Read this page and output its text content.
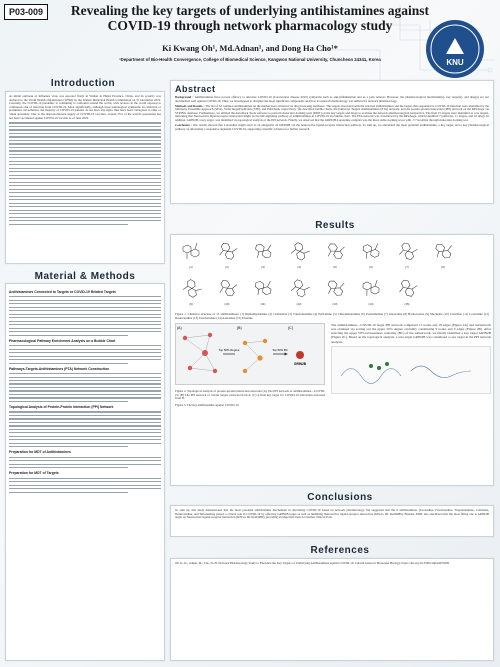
P03-009	Revealing the key targets of underlying antihistamines against COVID-19 through network pharmacology study
Ki Kwang Oh¹, Md.Adnan¹, and Dong Ha Cho¹*
¹Department of Bio-Health Convergence, College of Biomedical Science, Kangwon National University, Chuncheon 24341, Korea	KNU
Introduction

As initial outbreak of Influenza virus was reported firstly in Wuhan in Hubei Province, China, and its severity was declared to the World Health Organization (WHO) by the Wuhan Municipal Health Commission on 31 December 2019. Currently, the COVID-19 pandemic is continuing to confound around the world, with reviews in the world exposed to continuous risk of infection from COVID-19. Most significantly, although most pathological symptoms are identical or prominent, nevertheless, the majority of COVID-19 patients do not have any signs, thus have been contagious to other or 'silent spreaders'. Due to the disproportionate supply of COVID-19 vaccines, around 25% of the world's population has not been vaccinated against COVID-19 vaccine as of June 2022.

Material & Methods
Antihistamines Connected to Targets or COVID-19 Related Targets
Pharmacological Pathway Enrichment Analysis on a Bubble Chart
Pathways-Targets-Antihistamines (PTA) Network Construction
Topological Analysis of Protein-Protein Interaction (PPI) Network
Preparation for MDT of Antihistamines
Preparation for MDT of Targets
Abstract

Background : Antihistamines have proven efficacy to alleviate COVID-19 (Coronavirus disease 2019) symptoms such as anti-inflammation and as a pain reliever. However, the pharmacological mechanism(s), key target(s), and drug(s) are not documented well against COVID-19. Thus, we investigated to decipher the most significant components and how its research methodology was utilized by network pharmacology.

Methods and Results : The list of 32 common antihistamines on the market were retrieved via drug browsing databases. The targets associated with the selected antihistamines and the targets that responded to COVID-19 infection were identified by the Similarity Ensemble Approach (SEA), SwissTargetPrediction (STP), and PubChem, respectively. We described bubble charts, the Pathways Targets Antihistamines (PTA) network, and the protein-protein interaction (PPI) network on the RPackage via STRING database. Furthermore, we utilized the AutoDock Tools software to perform molecular docking tests (MDT) on the key targets and drugs to evaluate the network pharmacological perspective. The final 15 targets were identified as core targets, indicating that Neuroactive ligand-receptor interaction might be the hub-signaling pathway of antihistamines in COVID-19 via bubble chart. The PTA network was constructed by the RPackage, which identified 7 pathways, 11 targets, and 10 drugs. In addition, GRIN2B, a key target, was identified via topological analysis of the PPI network. Finally, we observed that the GRIN2B-Loratadine complex was the most stable docking score with -7.7 kcal/mol through molecular docking test.

Conclusion : Our results showed that Loratadine might exert as an antagonist on GRIN2B via the neuroactive ligand-receptor interaction pathway. To sum up, we elucidated the most potential antihistamine, a key target, and a key pharmacological pathway on alleviating a responsive signalant COVID-19, supporting scientific evidence for further research.

Results
(1)	(2)	(3)	(4)	(5)	(6)	(7)	(8)
(9)	(10)	(11)	(12)	(13)	(14)	(15)

Figure 1. Chemical structure of 15 antihistamines: (1) Diphenhydramine (2) Clemastine (3) Tripelennamine (4) Pyrilamine (5) Chlorpheniramine (6) Promethazine (7) Antazoline (8) Hydroxyzine (9) Meclizine (10) Cetirizine (11) Loratadine (12) Desloratadine (13) Fexofenadine (14) Azelastine (15) Ebastine

(A)	(B)	(C)
Top 50% Degree	Top 50% BC
GRIN2B

Figure 2. Topological analysis of protein-protein interaction networks (A) The PPI network of antihistamines—COVID-19; (B) The PPI network of crucial targets extracted from A; (C) A final key target for COVID-19 alleviation extracted from B.

Figure 3. The key antihistamine against COVID-19

The antihistamines—COVID-19 target PPI network comprised 15 nodes and 18 edges (Figure 2A) and subnetwork was obtained via sorting out the upper 50% degree centrality constituting 9 nodes and 9 edges (Figure 2B). After selecting the upper 50% betweenness centrality (BC) of the subnetwork, we finally identified a key target GRIN2B (Figure 2C). Based on the topological analysis, a sole target GRIN2B was considered a core target in the PPI network analysis.

Conclusions

To sum up, this study demonstrated that the most potential antihistamine mechanism in alleviating COVID-19 based on network pharmacology. We suggested that the 6 antihistamines (Loratadine, Fexofenadine, Tripelennamine, Cetirizine, Desloratadine, and Terfenadine) played a critical role in COVID-19 by affecting GRIN2B target as well as inhibiting Neuroactive ligand-receptor interaction (KEGG ID: hsa04080). Besides, MDT also elucidated that the most fitting one is GRIN2B target on Neuroactive ligand-receptor interaction (KEGG ID: hsa04080), providing an important basis for further clinical trials.

References

Oh, K.-K.; Adnan, M.; Cho, D.-H. Network Pharmacology Study to Elucidate the Key Targets of Underlying Antihistamines against COVID-19. Current Issues in Molecular Biology. https://doi.org/10.3390/cimb44070200
